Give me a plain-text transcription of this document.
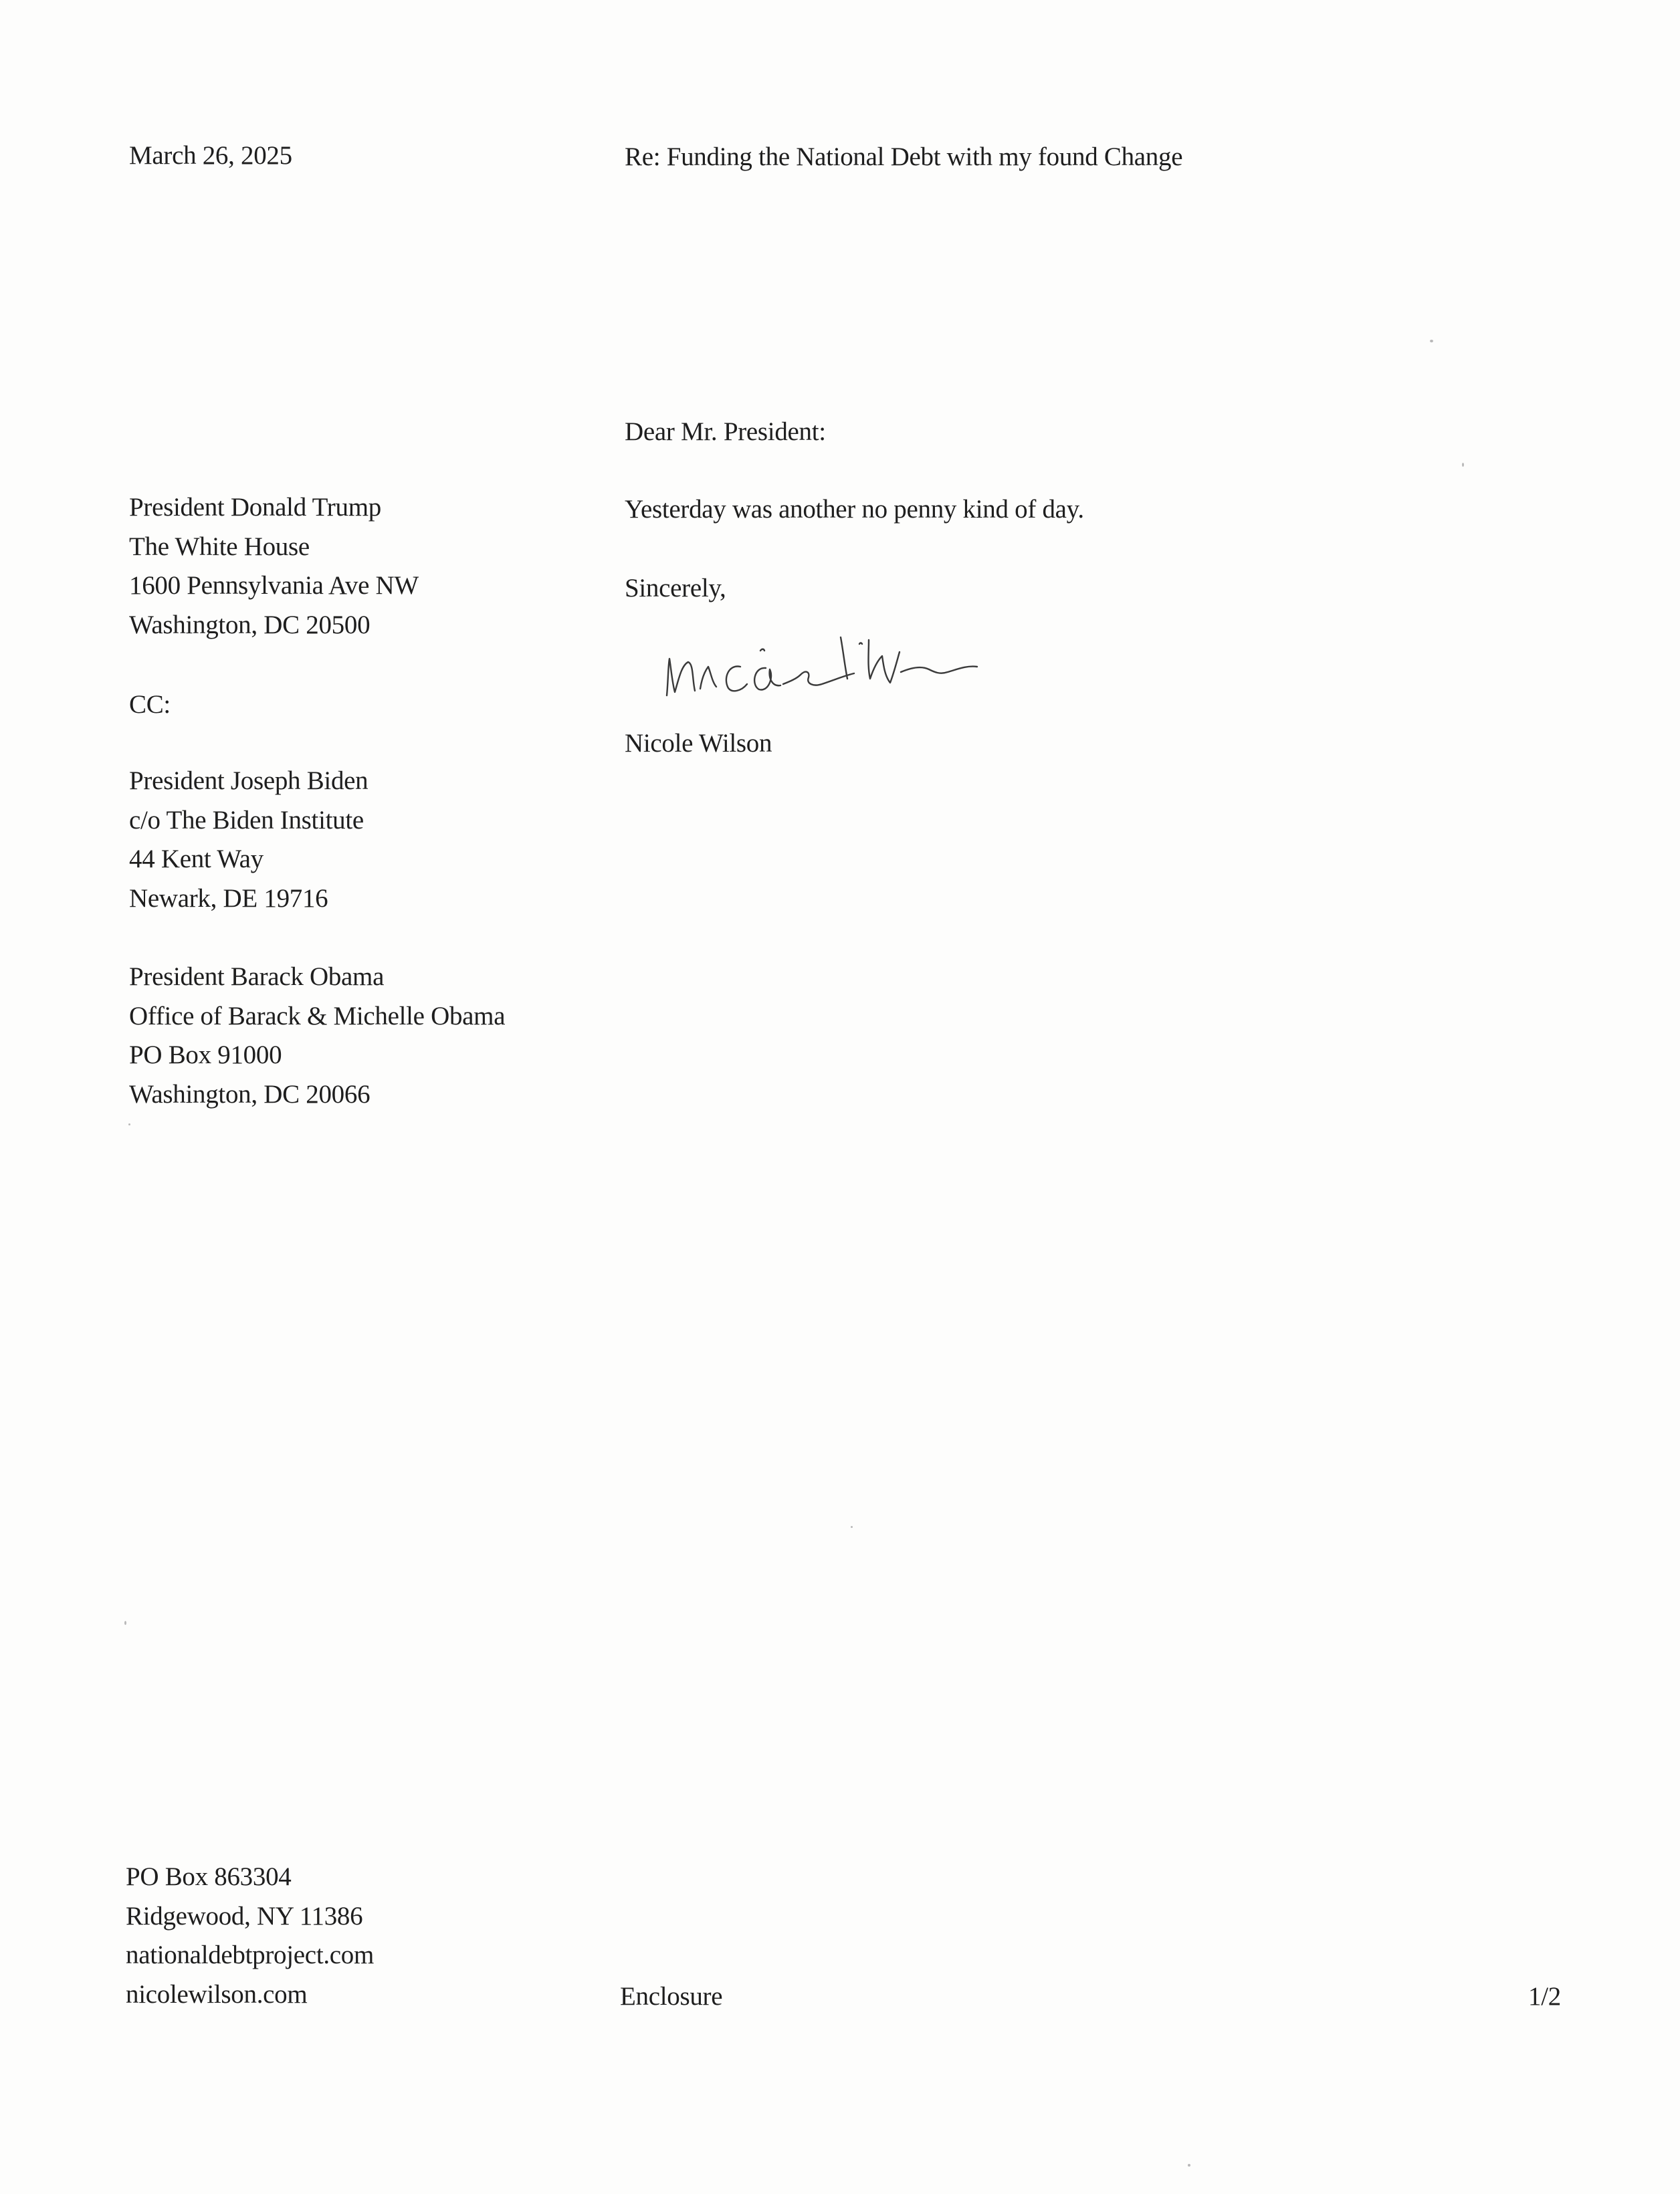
March 26, 2025	Re: Funding the National Debt with my found Change
President Donald Trump
The White House
1600 Pennsylvania Ave NW
Washington, DC 20500
CC:
President Joseph Biden
c/o The Biden Institute
44 Kent Way
Newark, DE 19716
President Barack Obama
Office of Barack & Michelle Obama
PO Box 91000
Washington, DC 20066
Dear Mr. President:
Yesterday was another no penny kind of day.
Sincerely,
Nicole Wilson
PO Box 863304
Ridgewood, NY 11386
nationaldebtproject.com
nicolewilson.com	Enclosure	1/2
